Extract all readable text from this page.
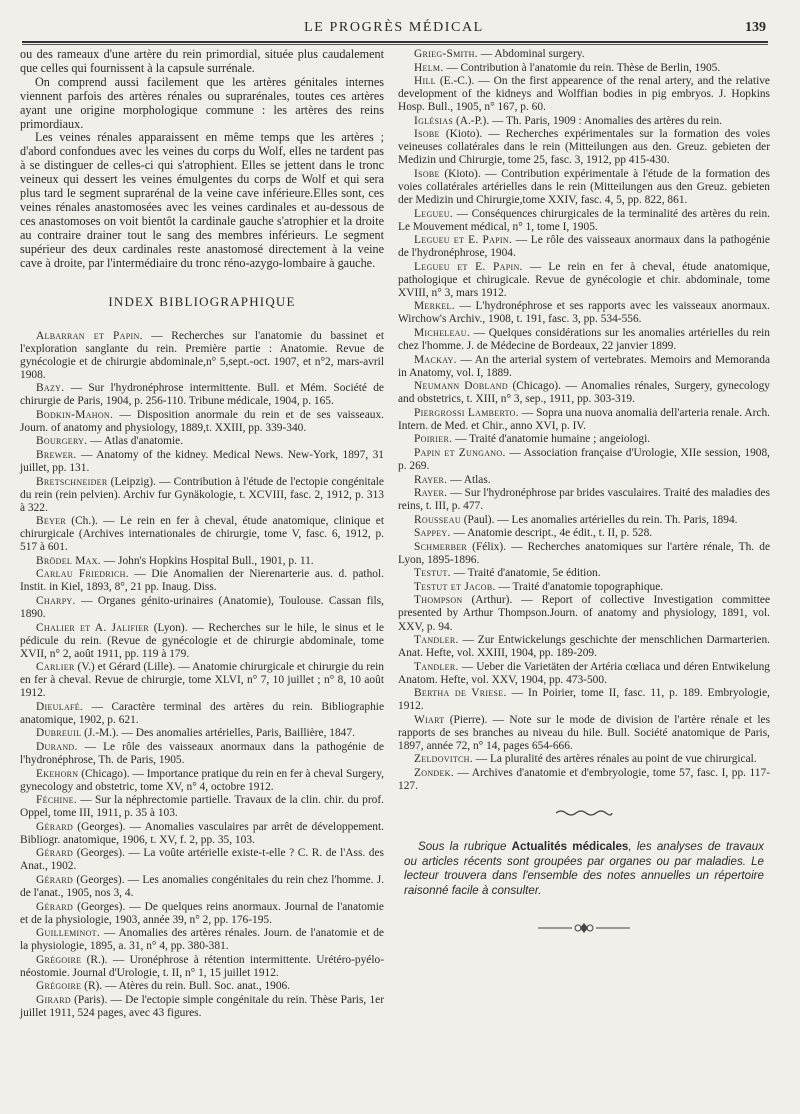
LE PROGRÈS MÉDICAL	139

ou des rameaux d'une artère du rein primordial, située plus caudalement que celles qui fournissent à la capsule surrénale.

On comprend aussi facilement que les artères génitales internes viennent parfois des artères rénales ou suprarénales, toutes ces artères ayant une origine morphologique commune : les artères des reins primordiaux.

Les veines rénales apparaissent en même temps que les artères ; d'abord confondues avec les veines du corps du Wolf, elles ne tardent pas à se distinguer de celles-ci qui s'atrophient. Elles se jettent dans le tronc veineux qui dessert les veines émulgentes du corps de Wolf et qui sera plus tard le segment suprarénal de la veine cave inférieure.Elles sont, ces veines rénales anastomosées avec les veines cardinales et au-dessous de ces anastomoses on voit bientôt la cardinale gauche s'atrophier et la droite au contraire drainer tout le sang des membres inférieurs. Le segment supérieur des deux cardinales reste anastomosé directement à la veine cave à droite, par l'intermédiaire du tronc réno-azygo-lombaire à gauche.

INDEX BIBLIOGRAPHIQUE

Albarran et Papin. — Recherches sur l'anatomie du bassinet et l'exploration sanglante du rein. Première partie : Anatomie. Revue de gynécologie et de chirurgie abdominale,n° 5,sept.-oct. 1907, et n°2, mars-avril 1908.

Bazy. — Sur l'hydronéphrose intermittente. Bull. et Mém. Société de chirurgie de Paris, 1904, p. 256-110. Tribune médicale, 1904, p. 165.

Bodkin-Mahon. — Disposition anormale du rein et de ses vaisseaux. Journ. of anatomy and physiology, 1889,t. XXIII, pp. 339-340.

Bourgery. — Atlas d'anatomie.

Brewer. — Anatomy of the kidney. Medical News. New-York, 1897, 31 juillet, pp. 131.

Bretschneider (Leipzig). — Contribution à l'étude de l'ectopie congénitale du rein (rein pelvien). Archiv fur Gynäkologie, t. XCVIII, fasc. 2, 1912, p. 313 à 322.

Beyer (Ch.). — Le rein en fer à cheval, étude anatomique, clinique et chirurgicale (Archives internationales de chirurgie, tome V, fasc. 6, 1912, p. 517 à 601.

Brödel Max. — John's Hopkins Hospital Bull., 1901, p. 11.

Carlau Friedrich. — Die Anomalien der Nierenarterie aus. d. pathol. Instit. in Kiel, 1893, 8°, 21 pp. Inaug. Diss.

Charpy. — Organes génito-urinaires (Anatomie), Toulouse. Cassan fils, 1890.

Chalier et A. Jalifier (Lyon). — Recherches sur le hile, le sinus et le pédicule du rein. (Revue de gynécologie et de chirurgie abdominale, tome XVII, n° 2, août 1911, pp. 119 à 179.

Carlier (V.) et Gérard (Lille). — Anatomie chirurgicale et chirurgie du rein en fer à cheval. Revue de chirurgie, tome XLVI, n° 7, 10 juillet ; n° 8, 10 août 1912.

Dieulafé. — Caractère terminal des artères du rein. Bibliographie anatomique, 1902, p. 621.

Dubreuil (J.-M.). — Des anomalies artérielles, Paris, Baillière, 1847.

Durand. — Le rôle des vaisseaux anormaux dans la pathogénie de l'hydronéphrose, Th. de Paris, 1905.

Ekehorn (Chicago). — Importance pratique du rein en fer à cheval Surgery, gynecology and obstetric, tome XV, n° 4, octobre 1912.

Féchine. — Sur la néphrectomie partielle. Travaux de la clin. chir. du prof. Oppel, tome III, 1911, p. 35 à 103.

Gérard (Georges). — Anomalies vasculaires par arrêt de développement. Bibliogr. anatomique, 1906, t. XV, f. 2, pp. 35, 103.

Gérard (Georges). — La voûte artérielle existe-t-elle ? C. R. de l'Ass. des Anat., 1902.

Gérard (Georges). — Les anomalies congénitales du rein chez l'homme. J. de l'anat., 1905, nos 3, 4.

Gérard (Georges). — De quelques reins anormaux. Journal de l'anatomie et de la physiologie, 1903, année 39, n° 2, pp. 176-195.

Guilleminot. — Anomalies des artères rénales. Journ. de l'anatomie et de la physiologie, 1895, a. 31, n° 4, pp. 380-381.

Grégoire (R.). — Uronéphrose à rétention intermittente. Urétéro-pyélo-néostomie. Journal d'Urologie, t. II, n° 1, 15 juillet 1912.

Grégoire (R). — Atères du rein. Bull. Soc. anat., 1906.

Girard (Paris). — De l'ectopie simple congénitale du rein. Thèse Paris, 1er juillet 1911, 524 pages, avec 43 figures.

Grieg-Smith. — Abdominal surgery.

Helm. — Contribution à l'anatomie du rein. Thèse de Berlin, 1905.

Hill (E.-C.). — On the first appearence of the renal artery, and the relative development of the kidneys and Wolffian bodies in pig embryos. J. Hopkins Hosp. Bull., 1905, n° 167, p. 60.

Iglésias (A.-P.). — Th. Paris, 1909 : Anomalies des artères du rein.

Isobe (Kioto). — Recherches expérimentales sur la formation des voies veineuses collatérales dans le rein (Mitteilungen aus den. Greuz. gebieten der Medizin und Chirurgie, tome 25, fasc. 3, 1912, pp 415-430.

Isobe (Kioto). — Contribution expérimentale à l'étude de la formation des voies collatérales artérielles dans le rein (Mitteilungen aus den Greuz. gebieten der Medizin und Chirurgie,tome XXIV, fasc. 4, 5, pp. 822, 861.

Legueu. — Conséquences chirurgicales de la terminalité des artères du rein. Le Mouvement médical, n° 1, tome I, 1905.

Legueu et E. Papin. — Le rôle des vaisseaux anormaux dans la pathogénie de l'hydronéphrose, 1904.

Legueu et E. Papin. — Le rein en fer à cheval, étude anatomique, pathologique et chirugicale. Revue de gynécologie et chir. abdominale, tome XVIII, n° 3, mars 1912.

Merkel. — L'hydronéphrose et ses rapports avec les vaisseaux anormaux. Wirchow's Archiv., 1908, t. 191, fasc. 3, pp. 534-556.

Micheleau. — Quelques considérations sur les anomalies artérielles du rein chez l'homme. J. de Médecine de Bordeaux, 22 janvier 1899.

Mackay. — An the arterial system of vertebrates. Memoirs and Memoranda in Anatomy, vol. I, 1889.

Neumann Dobland (Chicago). — Anomalies rénales, Surgery, gynecology and obstetrics, t. XIII, n° 3, sep., 1911, pp. 303-319.

Piergrossi Lamberto. — Sopra una nuova anomalia dell'arteria renale. Arch. Intern. de Med. et Chir., anno XVI, p. IV.

Poirier. — Traité d'anatomie humaine ; angeiologi.

Papin et Zungano. — Association française d'Urologie, XIIe session, 1908, p. 269.

Rayer. — Atlas.

Rayer. — Sur l'hydronéphrose par brides vasculaires. Traité des maladies des reins, t. III, p. 477.

Rousseau (Paul). — Les anomalies artérielles du rein. Th. Paris, 1894.

Sappey. — Anatomie descript., 4e édit., t. II, p. 528.

Schmerber (Félix). — Recherches anatomiques sur l'artère rénale, Th. de Lyon, 1895-1896.

Testut. — Traité d'anatomie, 5e édition.

Testut et Jacob. — Traité d'anatomie topographique.

Thompson (Arthur). — Report of collective Investigation committee presented by Arthur Thompson.Journ. of anatomy and physiology, 1891, vol. XXV, p. 94.

Tandler. — Zur Entwickelungs geschichte der menschlichen Darmarterien. Anat. Hefte, vol. XXIII, 1904, pp. 189-209.

Tandler. — Ueber die Varietäten der Artéria cœliaca und déren Entwikelung Anatom. Hefte, vol. XXV, 1904, pp. 473-500.

Bertha de Vriese. — In Poirier, tome II, fasc. 11, p. 189. Embryologie, 1912.

Wiart (Pierre). — Note sur le mode de division de l'artère rénale et les rapports de ses branches au niveau du hile. Bull. Société anatomique de Paris, 1897, année 72, n° 14, pages 654-666.

Zeldovitch. — La pluralité des artères rénales au point de vue chirurgical.

Zondek. — Archives d'anatomie et d'embryologie, tome 57, fasc. I, pp. 117-127.

Sous la rubrique Actualités médicales, les analyses de travaux ou articles récents sont groupées par organes ou par maladies. Le lecteur trouvera dans l'ensemble des notes annuelles un répertoire raisonné facile à consulter.
